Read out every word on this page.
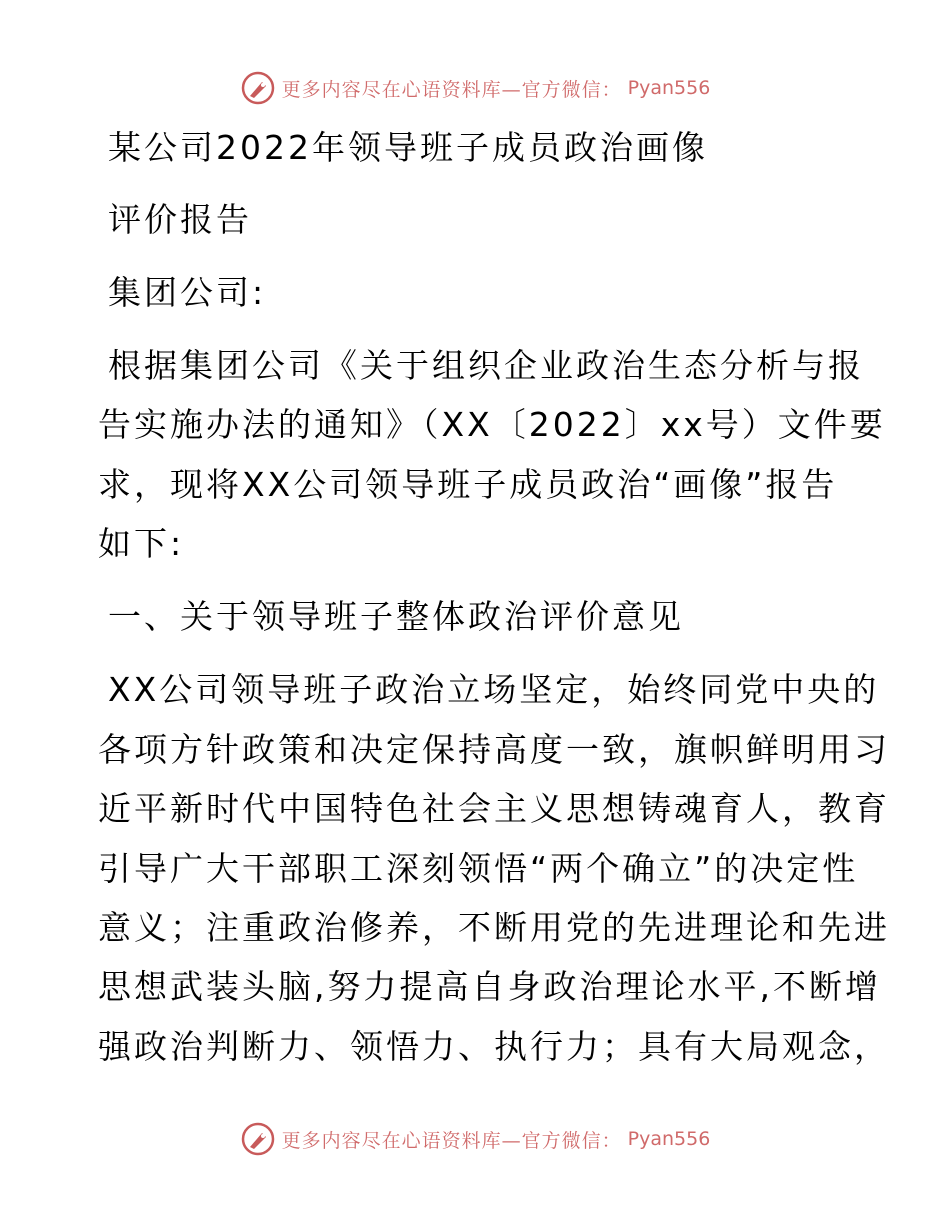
更多内容尽在心语资料库—官方微信： Pyan556
某公司2022年领导班子成员政治画像
评价报告
集团公司:
根据集团公司《关于组织企业政治生态分析与报
告实施办法的通知》（XX〔2022〕xx号）文件要
求，现将XX公司领导班子成员政治“画像”报告
如下:
一、关于领导班子整体政治评价意见
XX公司领导班子政治立场坚定，始终同党中央的
各项方针政策和决定保持高度一致，旗帜鲜明用习
近平新时代中国特色社会主义思想铸魂育人，教育
引导广大干部职工深刻领悟“两个确立”的决定性
意义；注重政治修养，不断用党的先进理论和先进
思想武装头脑,努力提高自身政治理论水平,不断增
强政治判断力、领悟力、执行力；具有大局观念，
更多内容尽在心语资料库—官方微信： Pyan556
